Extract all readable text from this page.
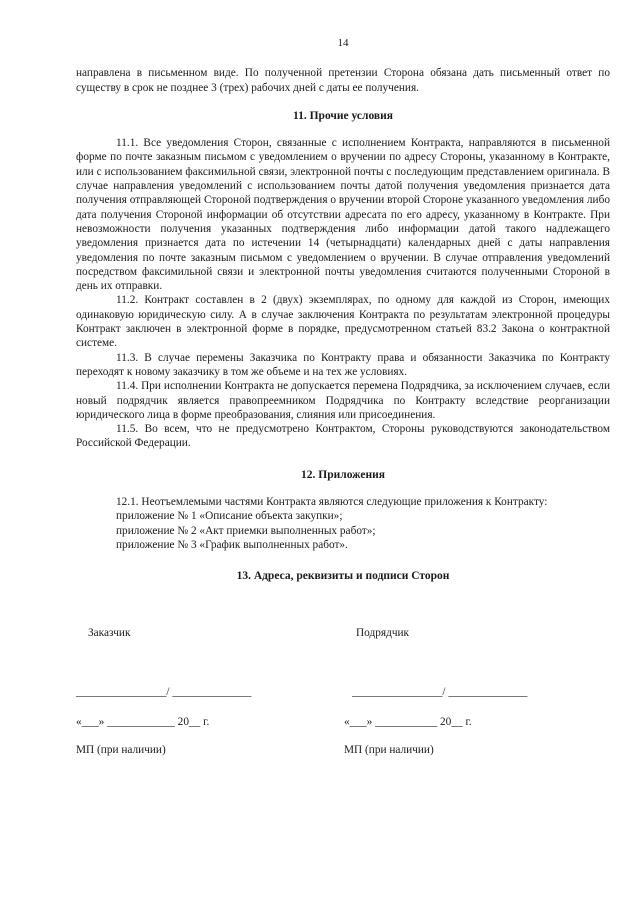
14

направлена в письменном виде. По полученной претензии Сторона обязана дать письменный ответ по существу в срок не позднее 3 (трех) рабочих дней с даты ее получения.

11. Прочие условия

11.1. Все уведомления Сторон, связанные с исполнением Контракта, направляются в письменной форме по почте заказным письмом с уведомлением о вручении по адресу Стороны, указанному в Контракте, или с использованием факсимильной связи, электронной почты с последующим представлением оригинала. В случае направления уведомлений с использованием почты датой получения уведомления признается дата получения отправляющей Стороной подтверждения о вручении второй Стороне указанного уведомления либо дата получения Стороной информации об отсутствии адресата по его адресу, указанному в Контракте. При невозможности получения указанных подтверждения либо информации датой такого надлежащего уведомления признается дата по истечении 14 (четырнадцати) календарных дней с даты направления уведомления по почте заказным письмом с уведомлением о вручении. В случае отправления уведомлений посредством факсимильной связи и электронной почты уведомления считаются полученными Стороной в день их отправки.

11.2. Контракт составлен в 2 (двух) экземплярах, по одному для каждой из Сторон, имеющих одинаковую юридическую силу. А в случае заключения Контракта по результатам электронной процедуры Контракт заключен в электронной форме в порядке, предусмотренном статьей 83.2 Закона о контрактной системе.

11.3. В случае перемены Заказчика по Контракту права и обязанности Заказчика по Контракту переходят к новому заказчику в том же объеме и на тех же условиях.

11.4. При исполнении Контракта не допускается перемена Подрядчика, за исключением случаев, если новый подрядчик является правопреемником Подрядчика по Контракту вследствие реорганизации юридического лица в форме преобразования, слияния или присоединения.

11.5. Во всем, что не предусмотрено Контрактом, Стороны руководствуются законодательством Российской Федерации.

12. Приложения

12.1. Неотъемлемыми частями Контракта являются следующие приложения к Контракту:

приложение № 1 «Описание объекта закупки»;

приложение № 2 «Акт приемки выполненных работ»;

приложение № 3 «График выполненных работ».

13. Адреса, реквизиты и подписи Сторон
Заказчик	Подрядчик
________________/ ______________	________________/ ______________
«___» ____________ 20__ г.	«___» ___________ 20__ г.
МП (при наличии)	МП (при наличии)
